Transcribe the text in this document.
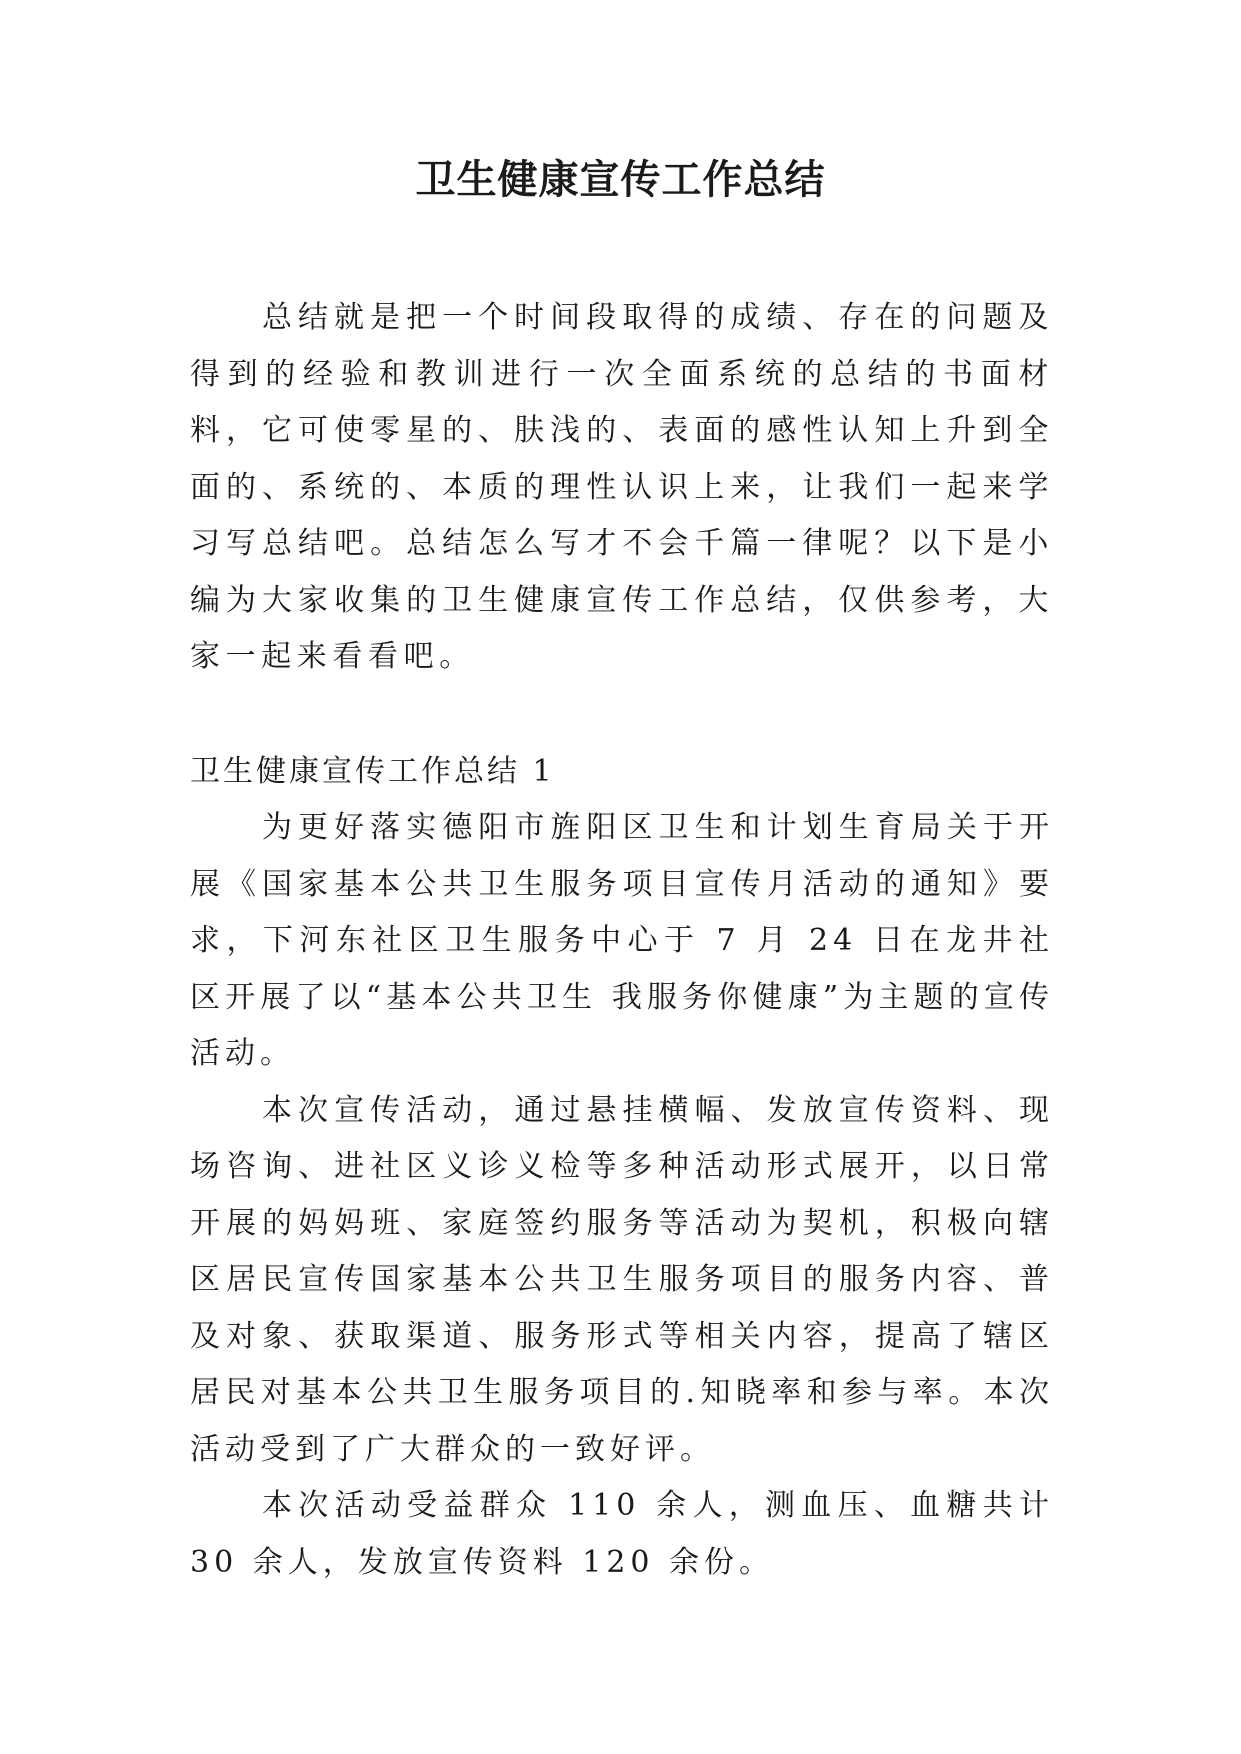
卫生健康宣传工作总结

总结就是把一个时间段取得的成绩、存在的问题及得到的经验和教训进行一次全面系统的总结的书面材料，它可使零星的、肤浅的、表面的感性认知上升到全面的、系统的、本质的理性认识上来，让我们一起来学习写总结吧。总结怎么写才不会千篇一律呢？以下是小编为大家收集的卫生健康宣传工作总结，仅供参考，大家一起来看看吧。

卫生健康宣传工作总结 1

为更好落实德阳市旌阳区卫生和计划生育局关于开展《国家基本公共卫生服务项目宣传月活动的通知》要求，下河东社区卫生服务中心于 7 月 24 日在龙井社区开展了以“基本公共卫生 我服务你健康”为主题的宣传活动。

本次宣传活动，通过悬挂横幅、发放宣传资料、现场咨询、进社区义诊义检等多种活动形式展开，以日常开展的妈妈班、家庭签约服务等活动为契机，积极向辖区居民宣传国家基本公共卫生服务项目的服务内容、普及对象、获取渠道、服务形式等相关内容，提高了辖区居民对基本公共卫生服务项目的.知晓率和参与率。本次活动受到了广大群众的一致好评。

本次活动受益群众 110 余人，测血压、血糖共计 30 余人，发放宣传资料 120 余份。
